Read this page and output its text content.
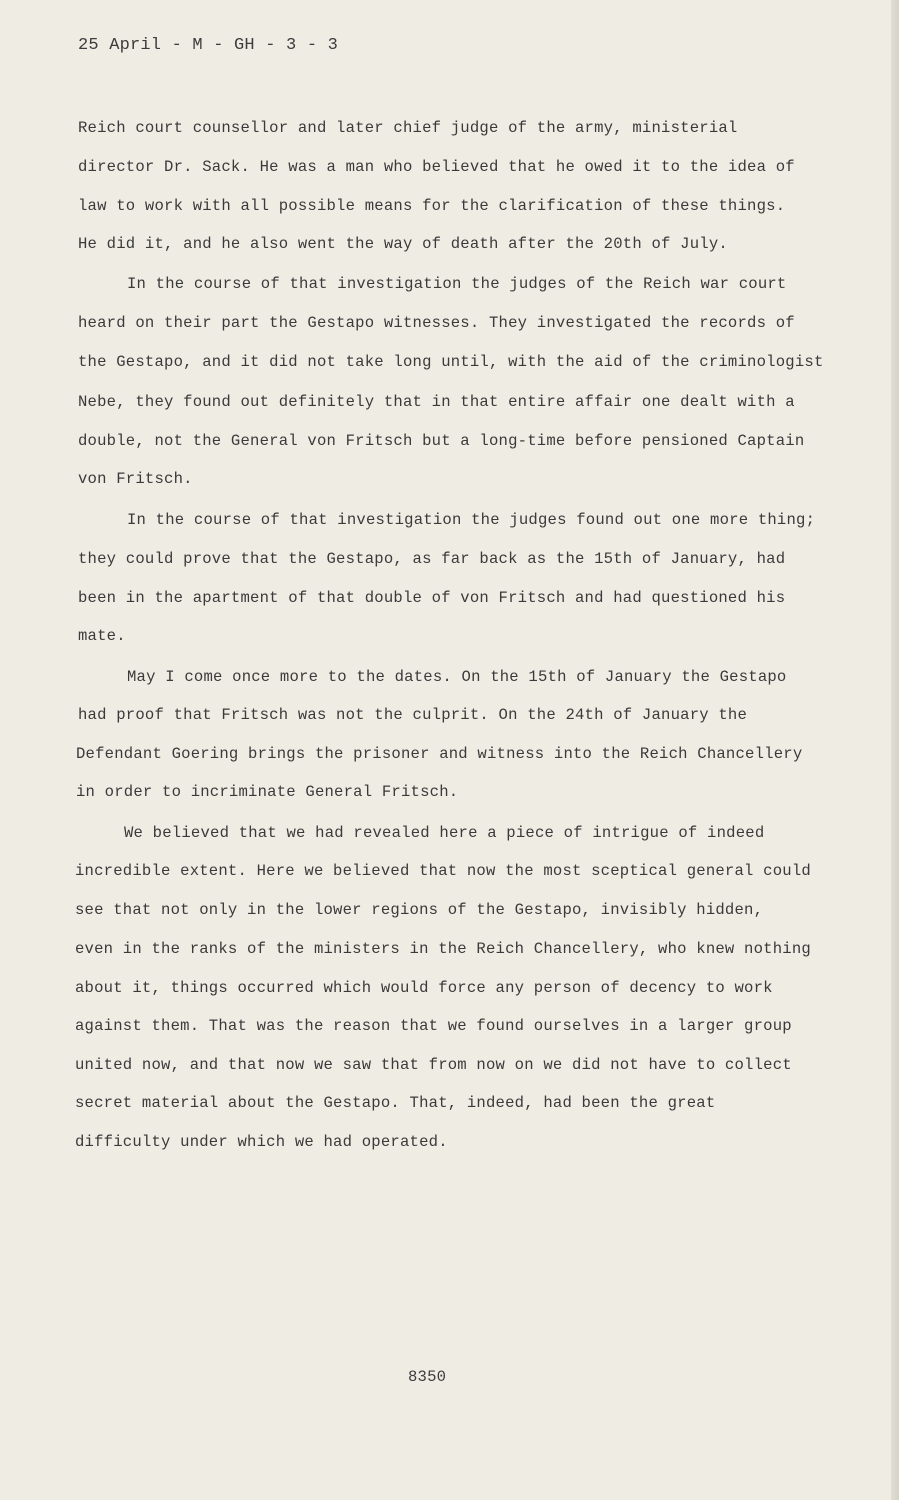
25 April - M - GH - 3 - 3
Reich court counsellor and later chief judge of the army, ministerial
director Dr. Sack. He was a man who believed that he owed it to the idea of
law to work with all possible means for the clarification of these things.
He did it, and he also went the way of death after the 20th of July.
In the course of that investigation the judges of the Reich war court
heard on their part the Gestapo witnesses. They investigated the records of
the Gestapo, and it did not take long until, with the aid of the criminologist
Nebe, they found out definitely that in that entire affair one dealt with a
double, not the General von Fritsch but a long-time before pensioned Captain
von Fritsch.
In the course of that investigation the judges found out one more thing;
they could prove that the Gestapo, as far back as the 15th of January, had
been in the apartment of that double of von Fritsch and had questioned his
mate.
May I come once more to the dates. On the 15th of January the Gestapo
had proof that Fritsch was not the culprit. On the 24th of January the
Defendant Goering brings the prisoner and witness into the Reich Chancellery
in order to incriminate General Fritsch.
We believed that we had revealed here a piece of intrigue of indeed
incredible extent. Here we believed that now the most sceptical general could
see that not only in the lower regions of the Gestapo, invisibly hidden,
even in the ranks of the ministers in the Reich Chancellery, who knew nothing
about it, things occurred which would force any person of decency to work
against them. That was the reason that we found ourselves in a larger group
united now, and that now we saw that from now on we did not have to collect
secret material about the Gestapo. That, indeed, had been the great
difficulty under which we had operated.
8350
